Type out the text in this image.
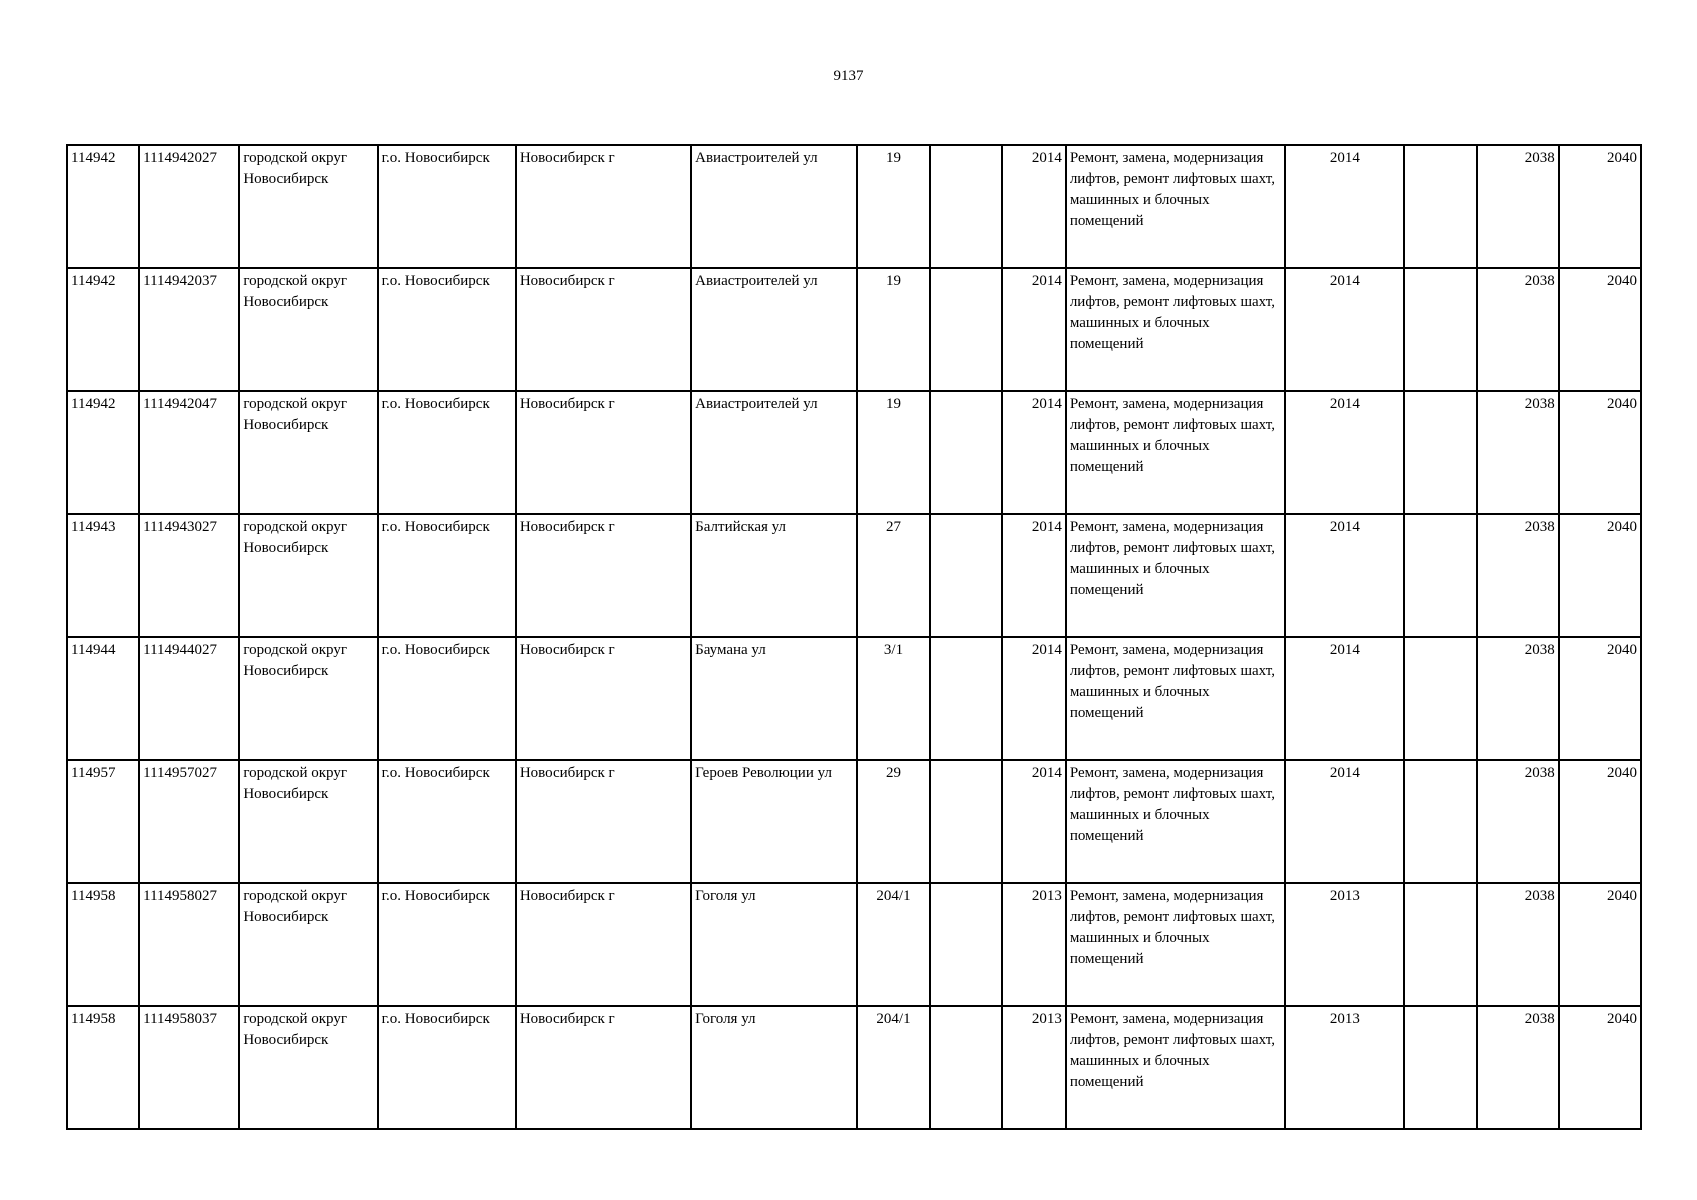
9137
114942	1114942027	городской округ Новосибирск	г.о. Новосибирск	Новосибирск г	Авиастроителей ул	19		2014	Ремонт, замена, модернизация лифтов, ремонт лифтовых шахт, машинных и блочных помещений	2014		2038	2040
114942	1114942037	городской округ Новосибирск	г.о. Новосибирск	Новосибирск г	Авиастроителей ул	19		2014	Ремонт, замена, модернизация лифтов, ремонт лифтовых шахт, машинных и блочных помещений	2014		2038	2040
114942	1114942047	городской округ Новосибирск	г.о. Новосибирск	Новосибирск г	Авиастроителей ул	19		2014	Ремонт, замена, модернизация лифтов, ремонт лифтовых шахт, машинных и блочных помещений	2014		2038	2040
114943	1114943027	городской округ Новосибирск	г.о. Новосибирск	Новосибирск г	Балтийская ул	27		2014	Ремонт, замена, модернизация лифтов, ремонт лифтовых шахт, машинных и блочных помещений	2014		2038	2040
114944	1114944027	городской округ Новосибирск	г.о. Новосибирск	Новосибирск г	Баумана ул	3/1		2014	Ремонт, замена, модернизация лифтов, ремонт лифтовых шахт, машинных и блочных помещений	2014		2038	2040
114957	1114957027	городской округ Новосибирск	г.о. Новосибирск	Новосибирск г	Героев Революции ул	29		2014	Ремонт, замена, модернизация лифтов, ремонт лифтовых шахт, машинных и блочных помещений	2014		2038	2040
114958	1114958027	городской округ Новосибирск	г.о. Новосибирск	Новосибирск г	Гоголя ул	204/1		2013	Ремонт, замена, модернизация лифтов, ремонт лифтовых шахт, машинных и блочных помещений	2013		2038	2040
114958	1114958037	городской округ Новосибирск	г.о. Новосибирск	Новосибирск г	Гоголя ул	204/1		2013	Ремонт, замена, модернизация лифтов, ремонт лифтовых шахт, машинных и блочных помещений	2013		2038	2040
